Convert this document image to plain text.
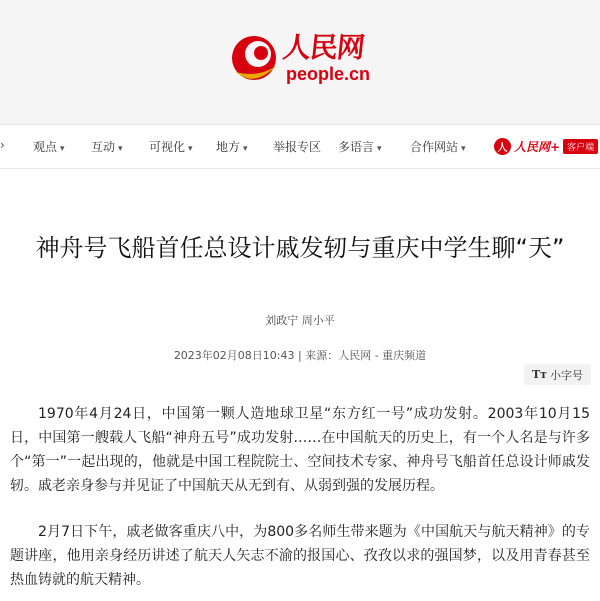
人民网
people.cn
› 观点 ▾ 互动 ▾ 可视化 ▾ 地方 ▾ 举报专区 多语言 ▾ 合作网站 ▾	人 人民网+ 客户端
神舟号飞船首任总设计戚发轫与重庆中学生聊“天”
刘政宁 周小平
2023年02月08日10:43 | 来源：人民网 - 重庆频道
Tт 小字号

1970年4月24日，中国第一颗人造地球卫星“东方红一号”成功发射。2003年10月15日，中国第一艘载人飞船“神舟五号”成功发射……在中国航天的历史上，有一个人名是与许多个“第一”一起出现的，他就是中国工程院院士、空间技术专家、神舟号飞船首任总设计师戚发轫。戚老亲身参与并见证了中国航天从无到有、从弱到强的发展历程。

2月7日下午，戚老做客重庆八中，为800多名师生带来题为《中国航天与航天精神》的专题讲座，他用亲身经历讲述了航天人矢志不渝的报国心、孜孜以求的强国梦，以及用青春甚至热血铸就的航天精神。
